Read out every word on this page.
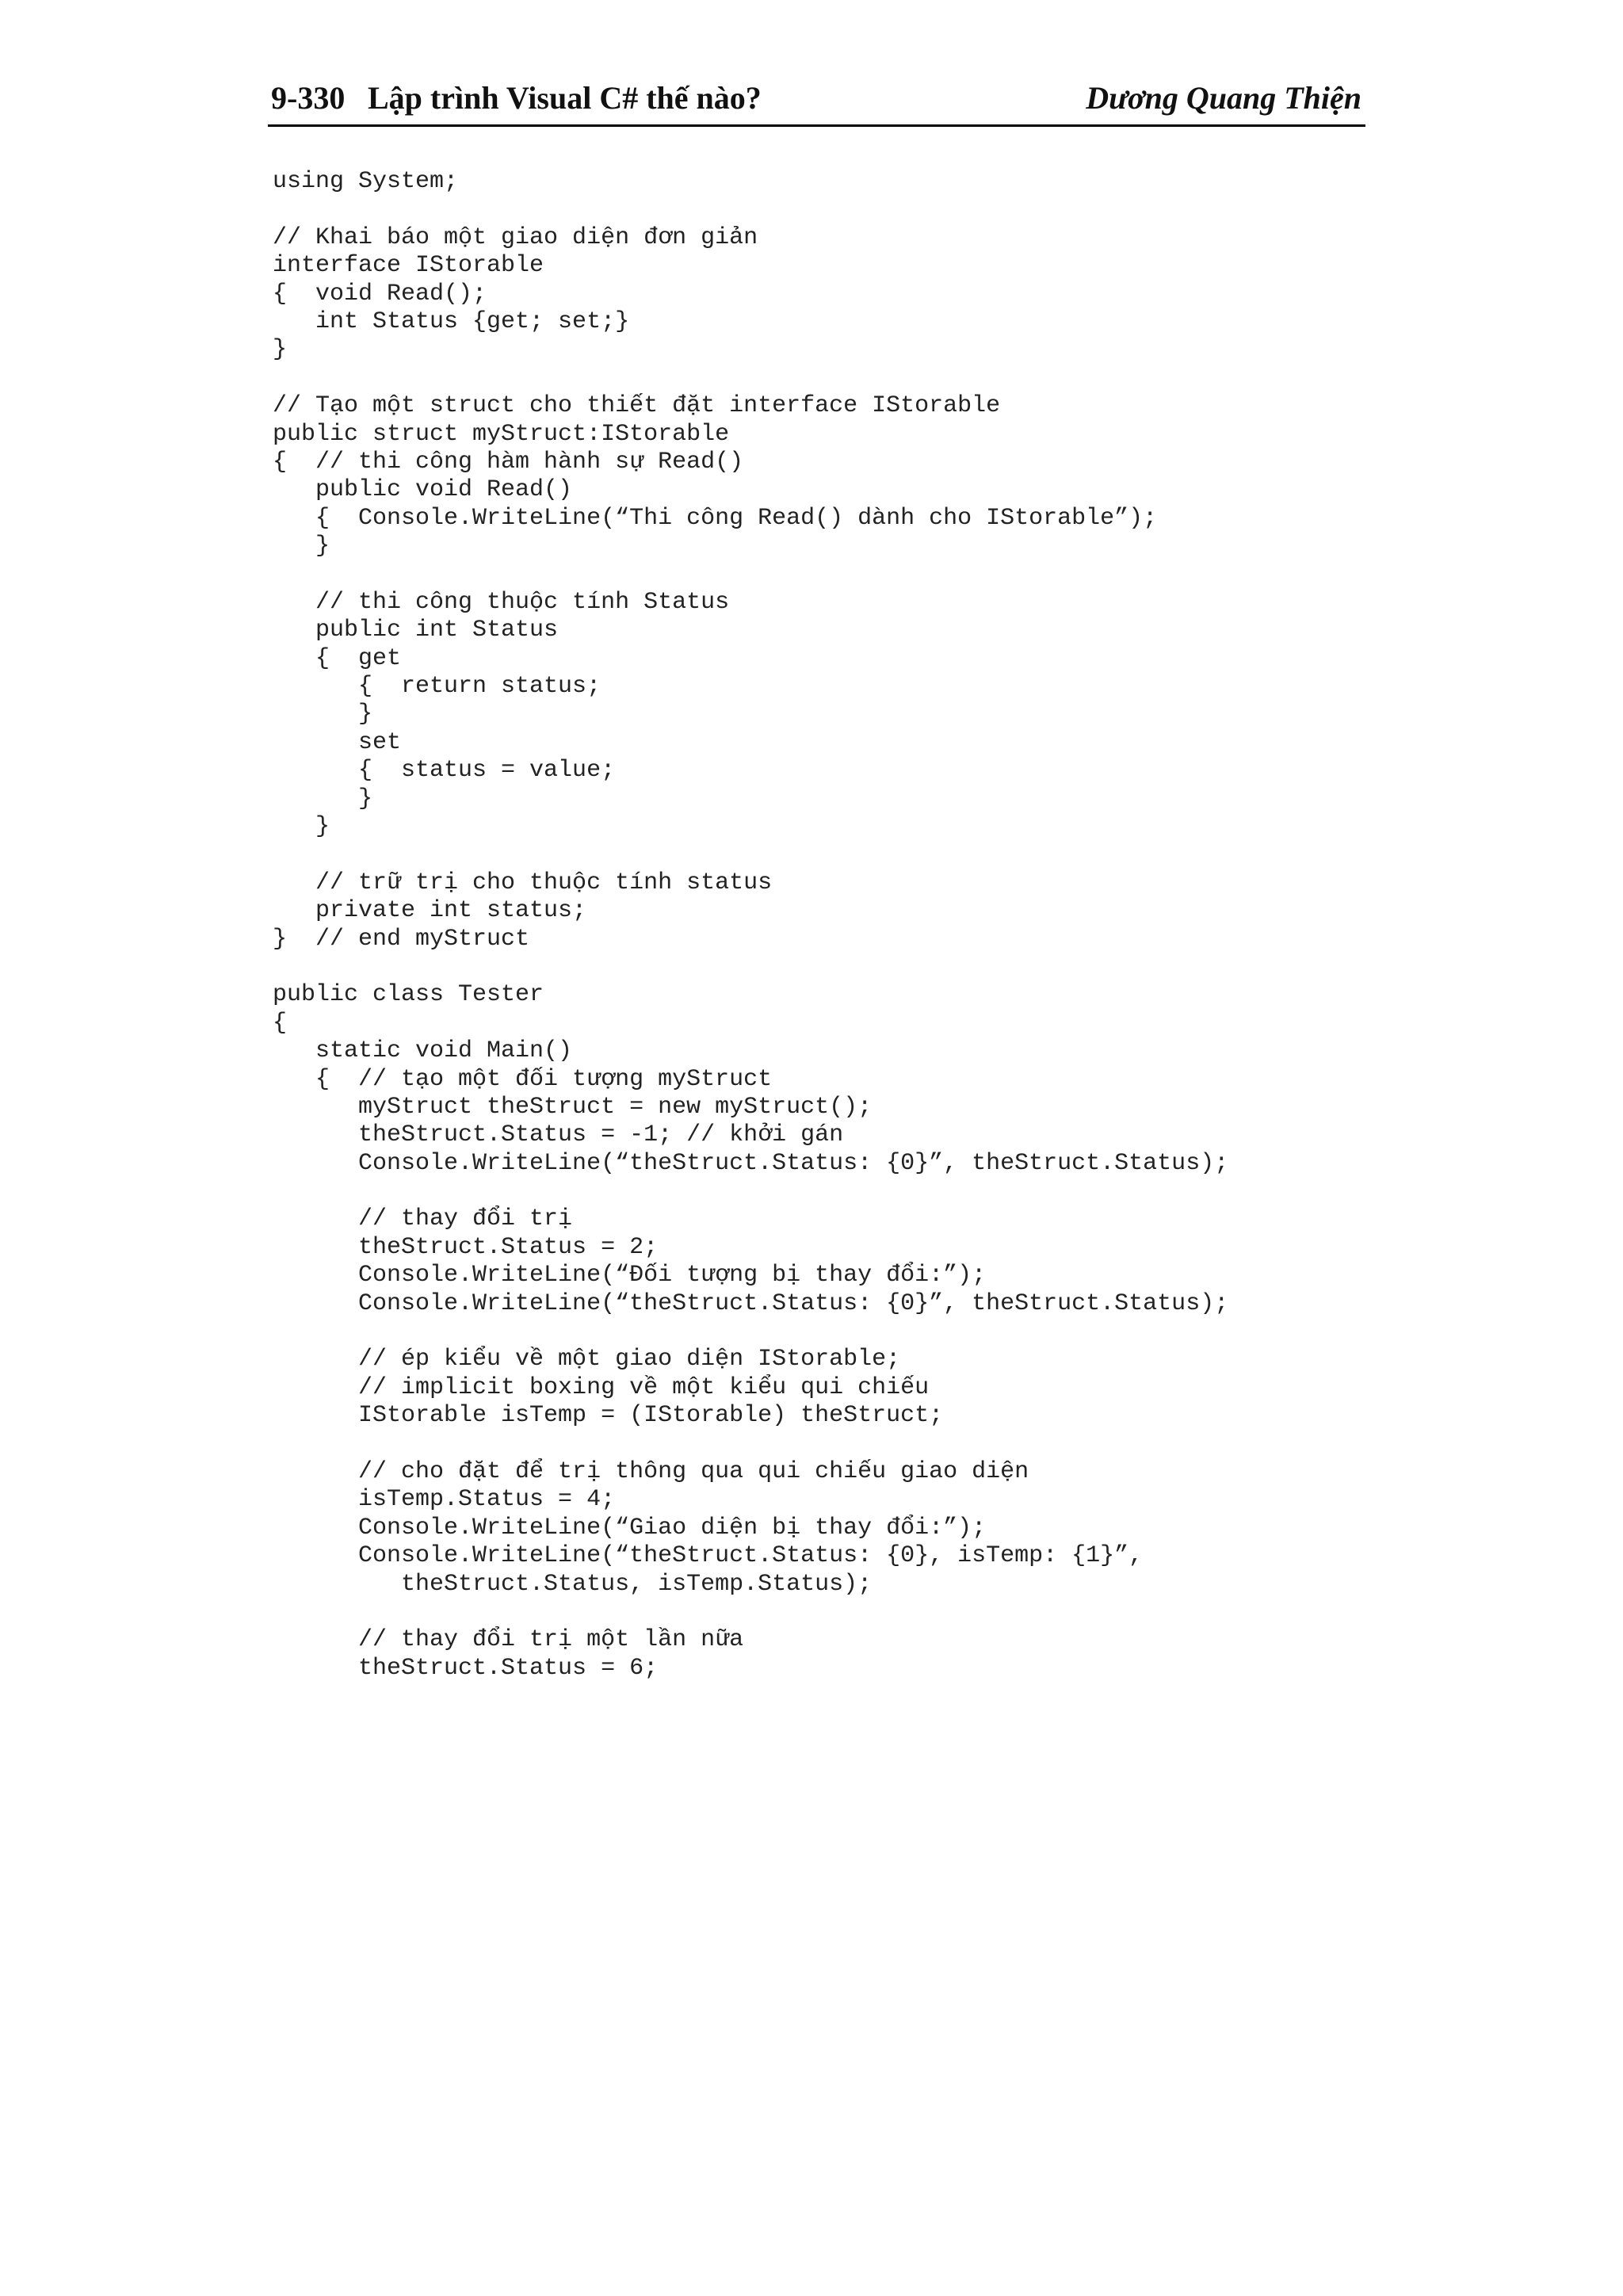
9-330 Lập trình Visual C# thế nào?	Dương Quang Thiện
using System;
// Khai báo một giao diện đơn giản
interface IStorable
{  void Read();
int Status {get; set;}
}
// Tạo một struct cho thiết đặt interface IStorable
public struct myStruct:IStorable
{  // thi công hàm hành sự Read()
public void Read()
{  Console.WriteLine(“Thi công Read() dành cho IStorable”);
}
// thi công thuộc tính Status
public int Status
{  get
{  return status;
}
set
{  status = value;
}
}
// trữ trị cho thuộc tính status
private int status;
}  // end myStruct
public class Tester
{
static void Main()
{  // tạo một đối tượng myStruct
myStruct theStruct = new myStruct();
theStruct.Status = -1; // khởi gán
Console.WriteLine(“theStruct.Status: {0}”, theStruct.Status);
// thay đổi trị
theStruct.Status = 2;
Console.WriteLine(“Đối tượng bị thay đổi:”);
Console.WriteLine(“theStruct.Status: {0}”, theStruct.Status);
// ép kiểu về một giao diện IStorable;
// implicit boxing về một kiểu qui chiếu
IStorable isTemp = (IStorable) theStruct;
// cho đặt để trị thông qua qui chiếu giao diện
isTemp.Status = 4;
Console.WriteLine(“Giao diện bị thay đổi:”);
Console.WriteLine(“theStruct.Status: {0}, isTemp: {1}”,
theStruct.Status, isTemp.Status);
// thay đổi trị một lần nữa
theStruct.Status = 6;
